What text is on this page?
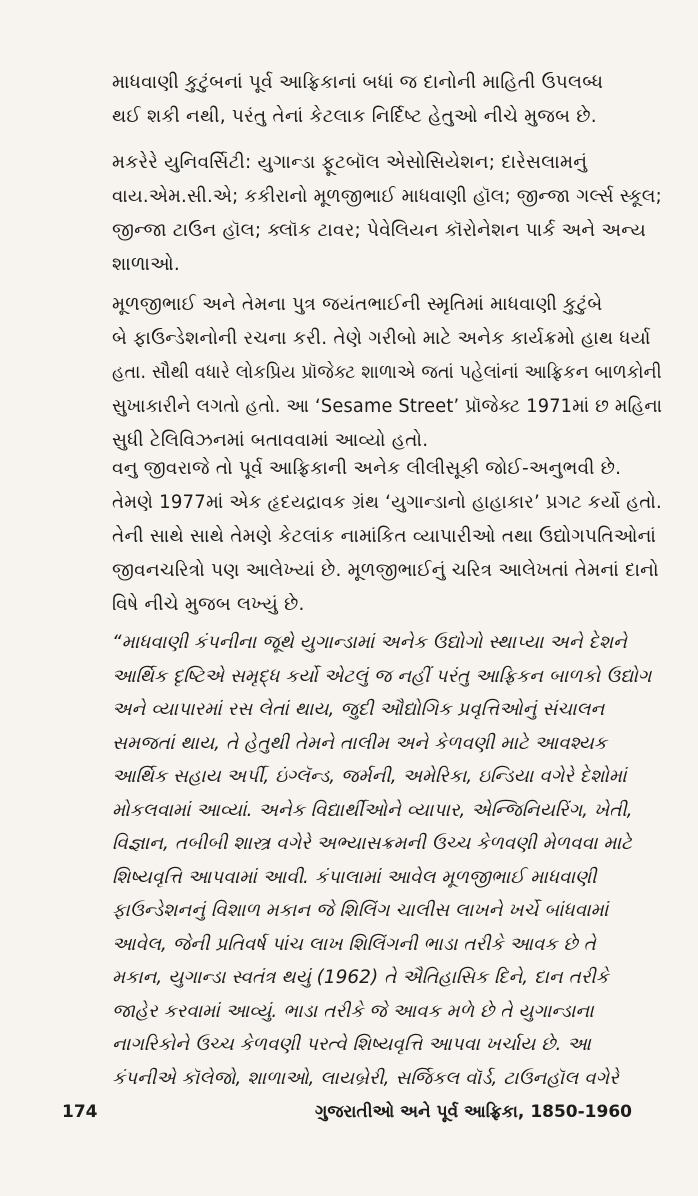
માધવાણી કુટુંબનાં પૂર્વ આફ્રિકાનાં બધાં જ દાનોની માહિતી ઉપલબ્ધ
થઈ શકી નથી, પરંતુ તેનાં કેટલાક નિર્દિષ્ટ હેતુઓ નીચે મુજબ છે.
મકરેરે યુનિવર્સિટી: યુગાન્ડા ફૂટબૉલ એસોસિયેશન; દારેસલામનું
વાય.એમ.સી.એ; કકીરાનો મૂળજીભાઈ માધવાણી હૉલ; જીન્જા ગર્લ્સ સ્કૂલ;
જીન્જા ટાઉન હૉલ; ક્લૉક ટાવર; પેવેલિયન કૉરોનેશન પાર્ક અને અન્ય
શાળાઓ.
મૂળજીભાઈ અને તેમના પુત્ર જયંતભાઈની સ્મૃતિમાં માધવાણી કુટુંબે
બે ફાઉન્ડેશનોની રચના કરી. તેણે ગરીબો માટે અનેક કાર્યક્રમો હાથ ધર્યા
હતા. સૌથી વધારે લોકપ્રિય પ્રૉજેક્ટ શાળાએ જતાં પહેલાંનાં આફ્રિકન બાળકોની સુખાકારીને લગતો હતો. આ ‘Sesame Street’ પ્રૉજેક્ટ 1971માં છ મહિના
સુધી ટેલિવિઝનમાં બતાવવામાં આવ્યો હતો.
વનુ જીવરાજે તો પૂર્વ આફ્રિકાની અનેક લીલીસૂકી જોઈ-અનુભવી છે.
તેમણે 1977માં એક હૃદયદ્રાવક ગ્રંથ ‘યુગાન્ડાનો હાહાકાર’ પ્રગટ કર્યો હતો.
તેની સાથે સાથે તેમણે કેટલાંક નામાંકિત વ્યાપારીઓ તથા ઉદ્યોગપતિઓનાં
જીવનચરિત્રો પણ આલેખ્યાં છે. મૂળજીભાઈનું ચરિત્ર આલેખતાં તેમનાં દાનો
વિષે નીચે મુજબ લખ્યું છે.
“માધવાણી કંપનીના જૂથે યુગાન્ડામાં અનેક ઉદ્યોગો સ્થાપ્યા અને દેશને
આર્થિક દૃષ્ટિએ સમૃદ્ધ કર્યો એટલું જ નહીં પરંતુ આફ્રિકન બાળકો ઉદ્યોગ
અને વ્યાપારમાં રસ લેતાં થાય, જુદી ઔદ્યોગિક પ્રવૃત્તિઓનું સંચાલન
સમજતાં થાય, તે હેતુથી તેમને તાલીમ અને કેળવણી માટે આવશ્યક
આર્થિક સહાય અર્પી, ઇંગ્લૅન્ડ, જર્મની, અમેરિકા, ઇન્ડિયા વગેરે દેશોમાં
મોકલવામાં આવ્યાં. અનેક વિદ્યાર્થીઓને વ્યાપાર, એન્જિનિયરિંગ, ખેતી,
વિજ્ઞાન, તબીબી શાસ્ત્ર વગેરે અભ્યાસક્રમની ઉચ્ચ કેળવણી મેળવવા માટે
શિષ્યવૃત્તિ આપવામાં આવી. કંપાલામાં આવેલ મૂળજીભાઈ માધવાણી
ફાઉન્ડેશનનું વિશાળ મકાન જે શિલિંગ ચાલીસ લાખને ખર્ચે બાંધવામાં
આવેલ, જેની પ્રતિવર્ષ પાંચ લાખ શિલિંગની ભાડા તરીકે આવક છે તે
મકાન, યુગાન્ડા સ્વતંત્ર થયું (1962) તે ઐતિહાસિક દિને, દાન તરીકે
જાહેર કરવામાં આવ્યું. ભાડા તરીકે જે આવક મળે છે તે યુગાન્ડાના
નાગરિકોને ઉચ્ચ કેળવણી પરત્વે શિષ્યવૃત્તિ આપવા ખર્ચાય છે. આ
કંપનીએ કૉલેજો, શાળાઓ, લાયબ્રેરી, સર્જિકલ વૉર્ડ, ટાઉનહૉલ વગેરે
174	ગુજરાતીઓ અને પૂર્વ આફ્રિકા, 1850-1960
